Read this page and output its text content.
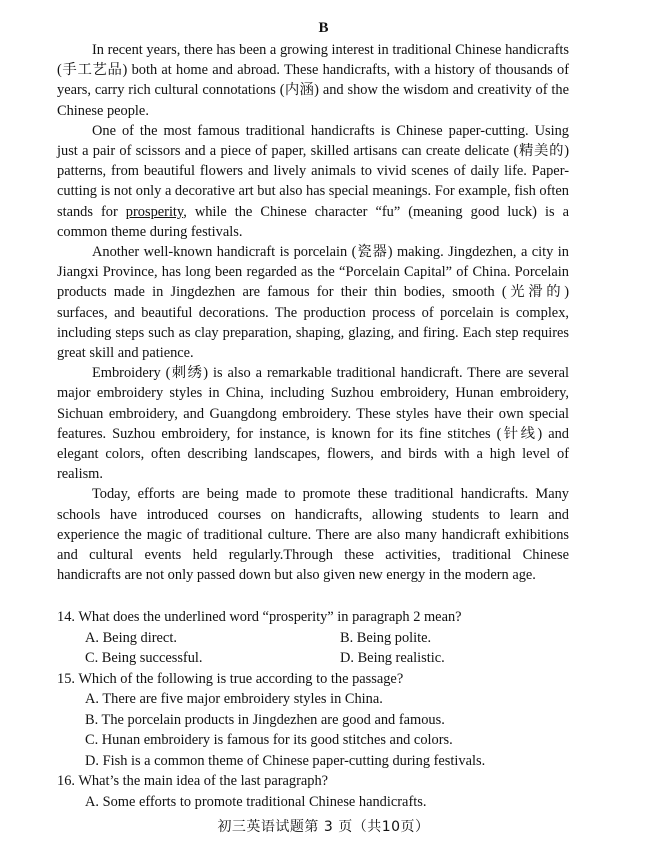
B

In recent years, there has been a growing interest in traditional Chinese handicrafts (手工艺品) both at home and abroad. These handicrafts, with a history of thousands of years, carry rich cultural connotations (内涵) and show the wisdom and creativity of the Chinese people.

One of the most famous traditional handicrafts is Chinese paper-cutting. Using just a pair of scissors and a piece of paper, skilled artisans can create delicate (精美的) patterns, from beautiful flowers and lively animals to vivid scenes of daily life. Paper-cutting is not only a decorative art but also has special meanings. For example, fish often stands for prosperity, while the Chinese character “fu” (meaning good luck) is a common theme during festivals.

Another well-known handicraft is porcelain (瓷器) making. Jingdezhen, a city in Jiangxi Province, has long been regarded as the “Porcelain Capital” of China. Porcelain products made in Jingdezhen are famous for their thin bodies, smooth (光滑的) surfaces, and beautiful decorations. The production process of porcelain is complex, including steps such as clay preparation, shaping, glazing, and firing. Each step requires great skill and patience.

Embroidery (刺绣) is also a remarkable traditional handicraft. There are several major embroidery styles in China, including Suzhou embroidery, Hunan embroidery, Sichuan embroidery, and Guangdong embroidery. These styles have their own special features. Suzhou embroidery, for instance, is known for its fine stitches (针线) and elegant colors, often describing landscapes, flowers, and birds with a high level of realism.

Today, efforts are being made to promote these traditional handicrafts. Many schools have introduced courses on handicrafts, allowing students to learn and experience the magic of traditional culture. There are also many handicraft exhibitions and cultural events held regularly.Through these activities, traditional Chinese handicrafts are not only passed down but also given new energy in the modern age.

14. What does the underlined word “prosperity” in paragraph 2 mean?
A. Being direct.	B. Being polite.
C. Being successful.	D. Being realistic.
15. Which of the following is true according to the passage?
A. There are five major embroidery styles in China.
B. The porcelain products in Jingdezhen are good and famous.
C. Hunan embroidery is famous for its good stitches and colors.
D. Fish is a common theme of Chinese paper-cutting during festivals.
16. What’s the main idea of the last paragraph?
A. Some efforts to promote traditional Chinese handicrafts.
初三英语试题第 3 页（共10页）
